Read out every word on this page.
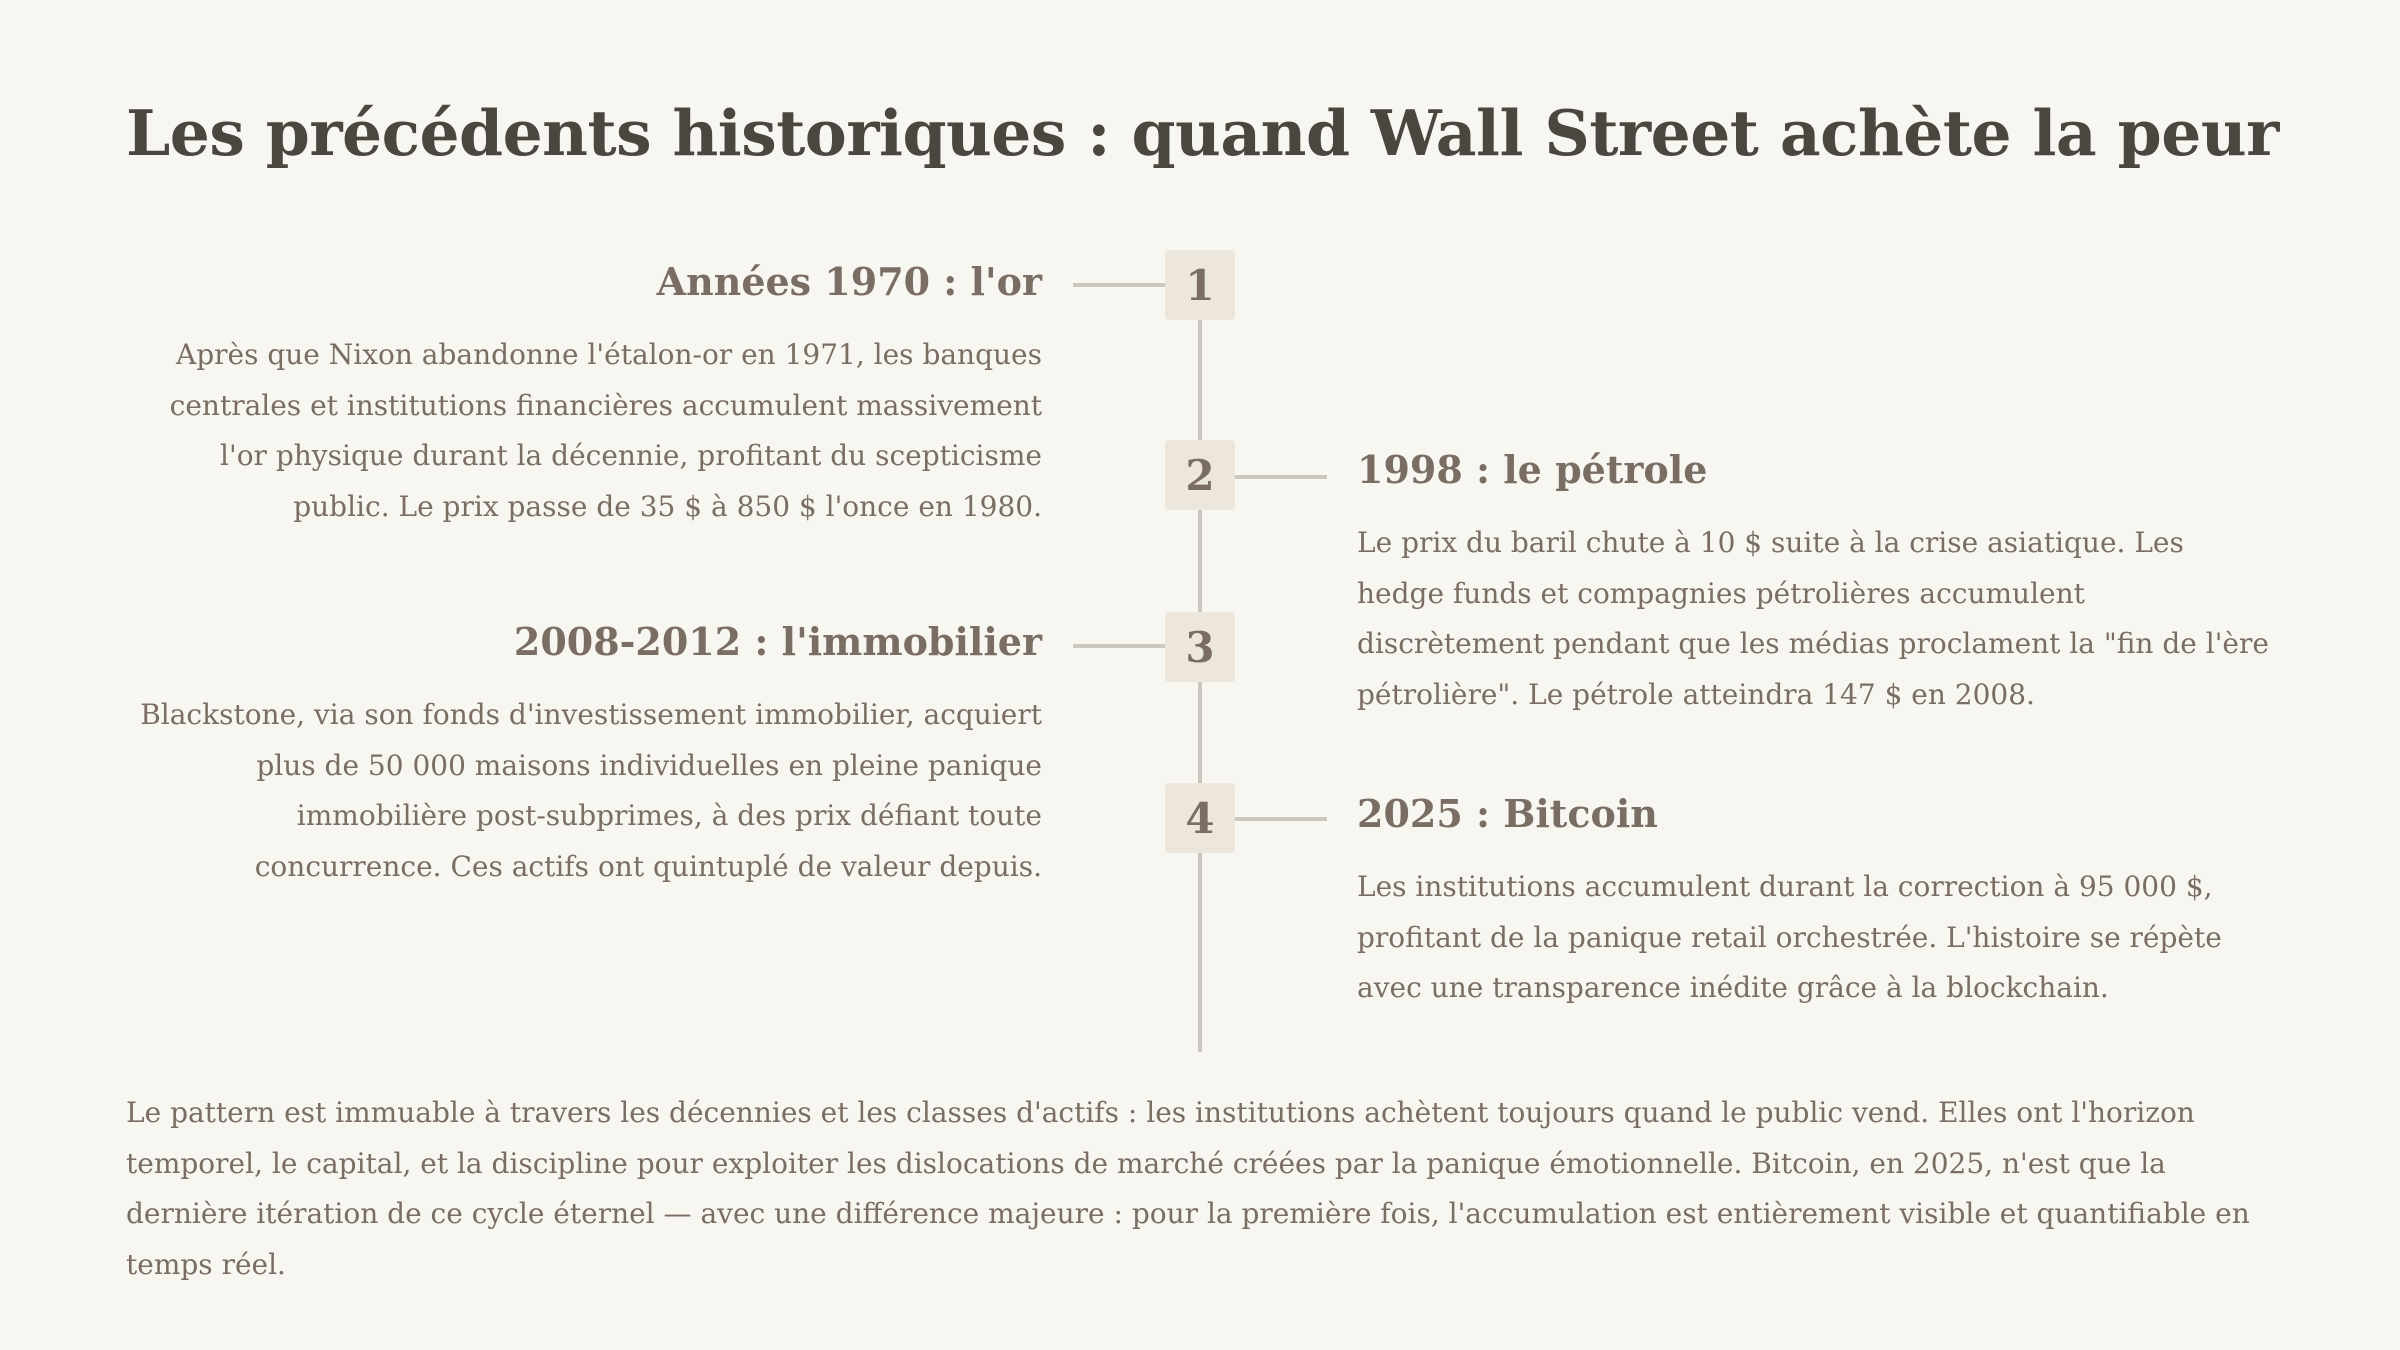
Les précédents historiques : quand Wall Street achète la peur
1
2
3
4
Années 1970 : l'or

Après que Nixon abandonne l'étalon-or en 1971, les banques centrales et institutions financières accumulent massivement l'or physique durant la décennie, profitant du scepticisme public. Le prix passe de 35 $ à 850 $ l'once en 1980.

1998 : le pétrole

Le prix du baril chute à 10 $ suite à la crise asiatique. Les hedge funds et compagnies pétrolières accumulent discrètement pendant que les médias proclament la "fin de l'ère pétrolière". Le pétrole atteindra 147 $ en 2008.

2008-2012 : l'immobilier

Blackstone, via son fonds d'investissement immobilier, acquiert plus de 50 000 maisons individuelles en pleine panique immobilière post-subprimes, à des prix défiant toute concurrence. Ces actifs ont quintuplé de valeur depuis.

2025 : Bitcoin

Les institutions accumulent durant la correction à 95 000 $, profitant de la panique retail orchestrée. L'histoire se répète avec une transparence inédite grâce à la blockchain.

Le pattern est immuable à travers les décennies et les classes d'actifs : les institutions achètent toujours quand le public vend. Elles ont l'horizon temporel, le capital, et la discipline pour exploiter les dislocations de marché créées par la panique émotionnelle. Bitcoin, en 2025, n'est que la dernière itération de ce cycle éternel — avec une différence majeure : pour la première fois, l'accumulation est entièrement visible et quantifiable en temps réel.
